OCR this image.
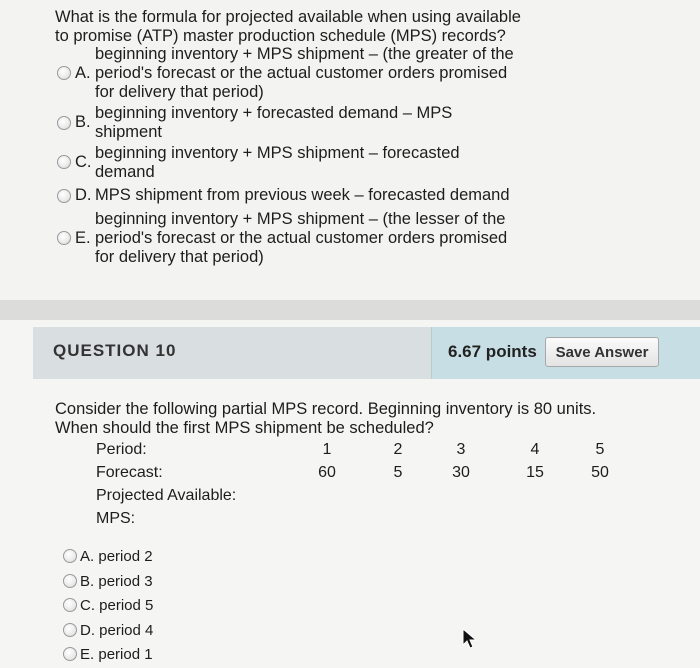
What is the formula for projected available when using available
to promise (ATP) master production schedule (MPS) records?
A.
beginning inventory + MPS shipment – (the greater of the
period's forecast or the actual customer orders promised
for delivery that period)
B. beginning inventory + forecasted demand – MPS
shipment
C. beginning inventory + MPS shipment – forecasted
demand
D. MPS shipment from previous week – forecasted demand
E.
beginning inventory + MPS shipment – (the lesser of the
period's forecast or the actual customer orders promised
for delivery that period)
QUESTION 10	6.67 points	Save Answer
Consider the following partial MPS record. Beginning inventory is 80 units.
When should the first MPS shipment be scheduled?
Period:	1	2	3	4	5
Forecast:	60	5	30	15	50
Projected Available:
MPS:
A. period 2
B. period 3
C. period 5
D. period 4
E. period 1
